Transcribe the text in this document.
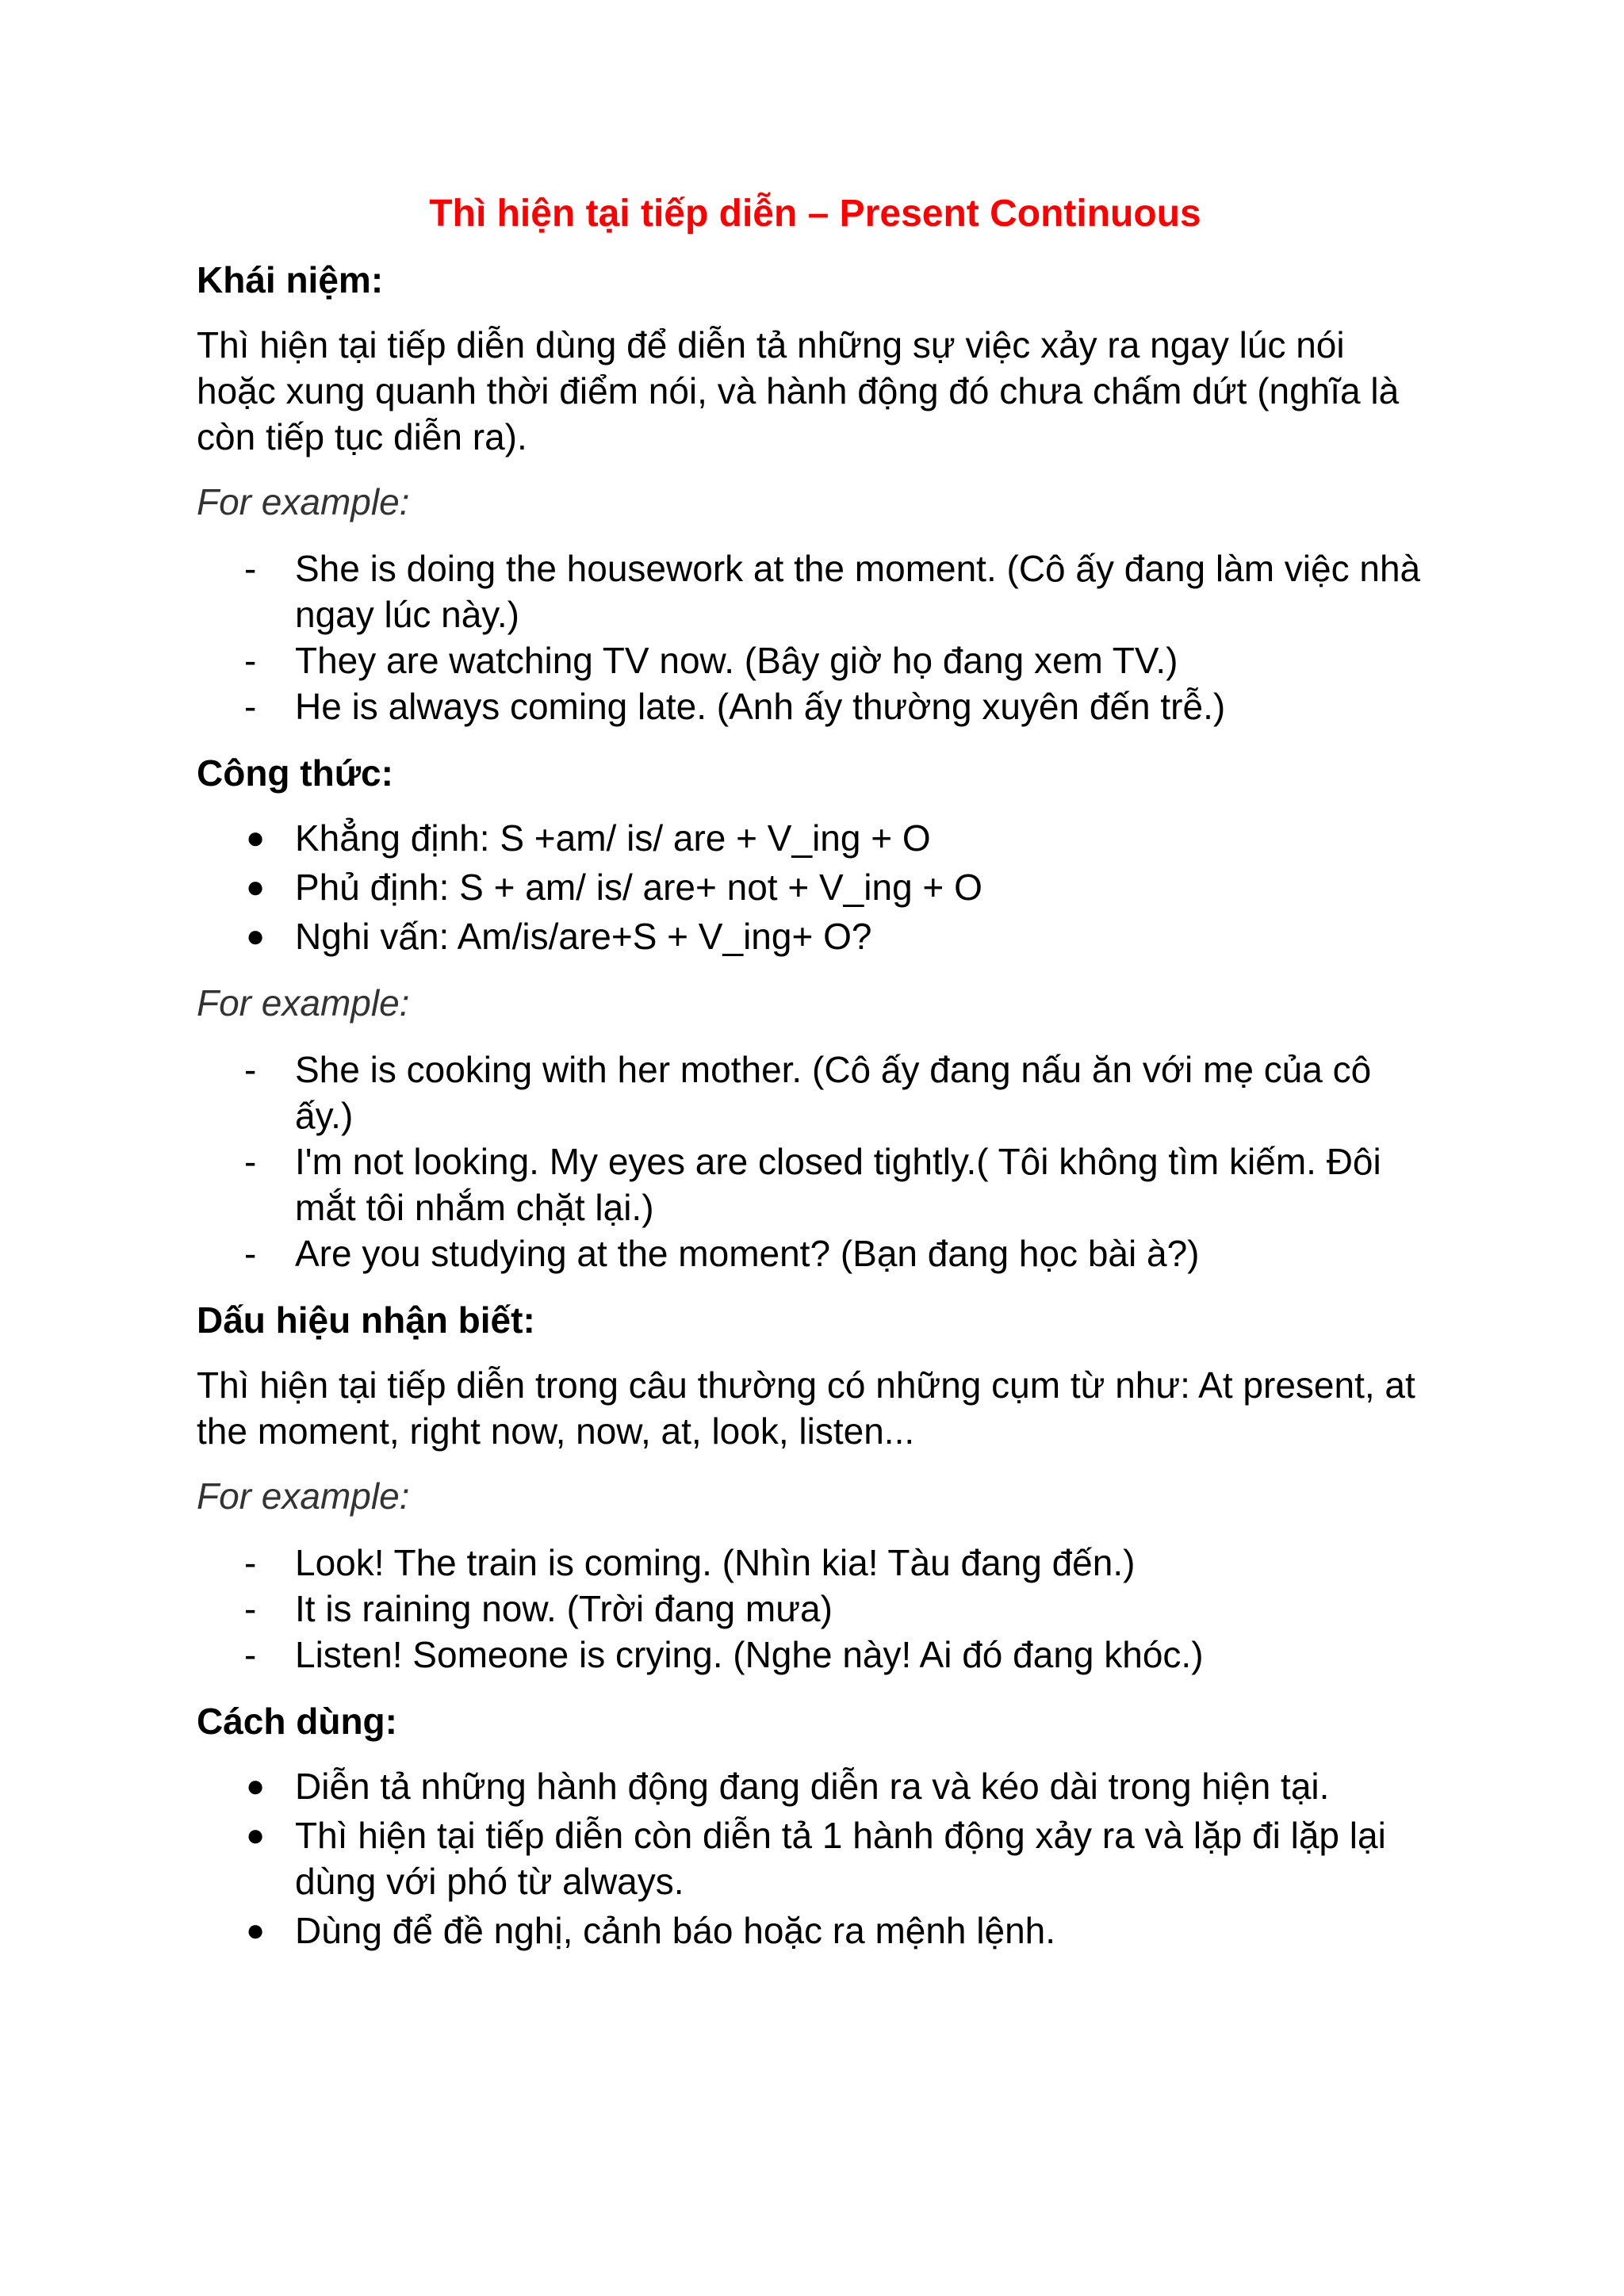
Thì hiện tại tiếp diễn – Present Continuous
Khái niệm:
Thì hiện tại tiếp diễn dùng để diễn tả những sự việc xảy ra ngay lúc nói hoặc xung quanh thời điểm nói, và hành động đó chưa chấm dứt (nghĩa là còn tiếp tục diễn ra).
For example:
-	She is doing the housework at the moment. (Cô ấy đang làm việc nhà ngay lúc này.)
-	They are watching TV now. (Bây giờ họ đang xem TV.)
-	He is always coming late. (Anh ấy thường xuyên đến trễ.)
Công thức:
● Khẳng định: S +am/ is/ are + V_ing + O
● Phủ định: S + am/ is/ are+ not + V_ing + O
● Nghi vấn: Am/is/are+S + V_ing+ O?
For example:
-	She is cooking with her mother. (Cô ấy đang nấu ăn với mẹ của cô ấy.)
-	I'm not looking. My eyes are closed tightly.( Tôi không tìm kiếm. Đôi mắt tôi nhắm chặt lại.)
-	Are you studying at the moment? (Bạn đang học bài à?)
Dấu hiệu nhận biết:
Thì hiện tại tiếp diễn trong câu thường có những cụm từ như: At present, at the moment, right now, now, at, look, listen...
For example:
-	Look! The train is coming. (Nhìn kia! Tàu đang đến.)
-	It is raining now. (Trời đang mưa)
-	Listen! Someone is crying. (Nghe này! Ai đó đang khóc.)
Cách dùng:
● Diễn tả những hành động đang diễn ra và kéo dài trong hiện tại.
● Thì hiện tại tiếp diễn còn diễn tả 1 hành động xảy ra và lặp đi lặp lại dùng với phó từ always.
● Dùng để đề nghị, cảnh báo hoặc ra mệnh lệnh.
